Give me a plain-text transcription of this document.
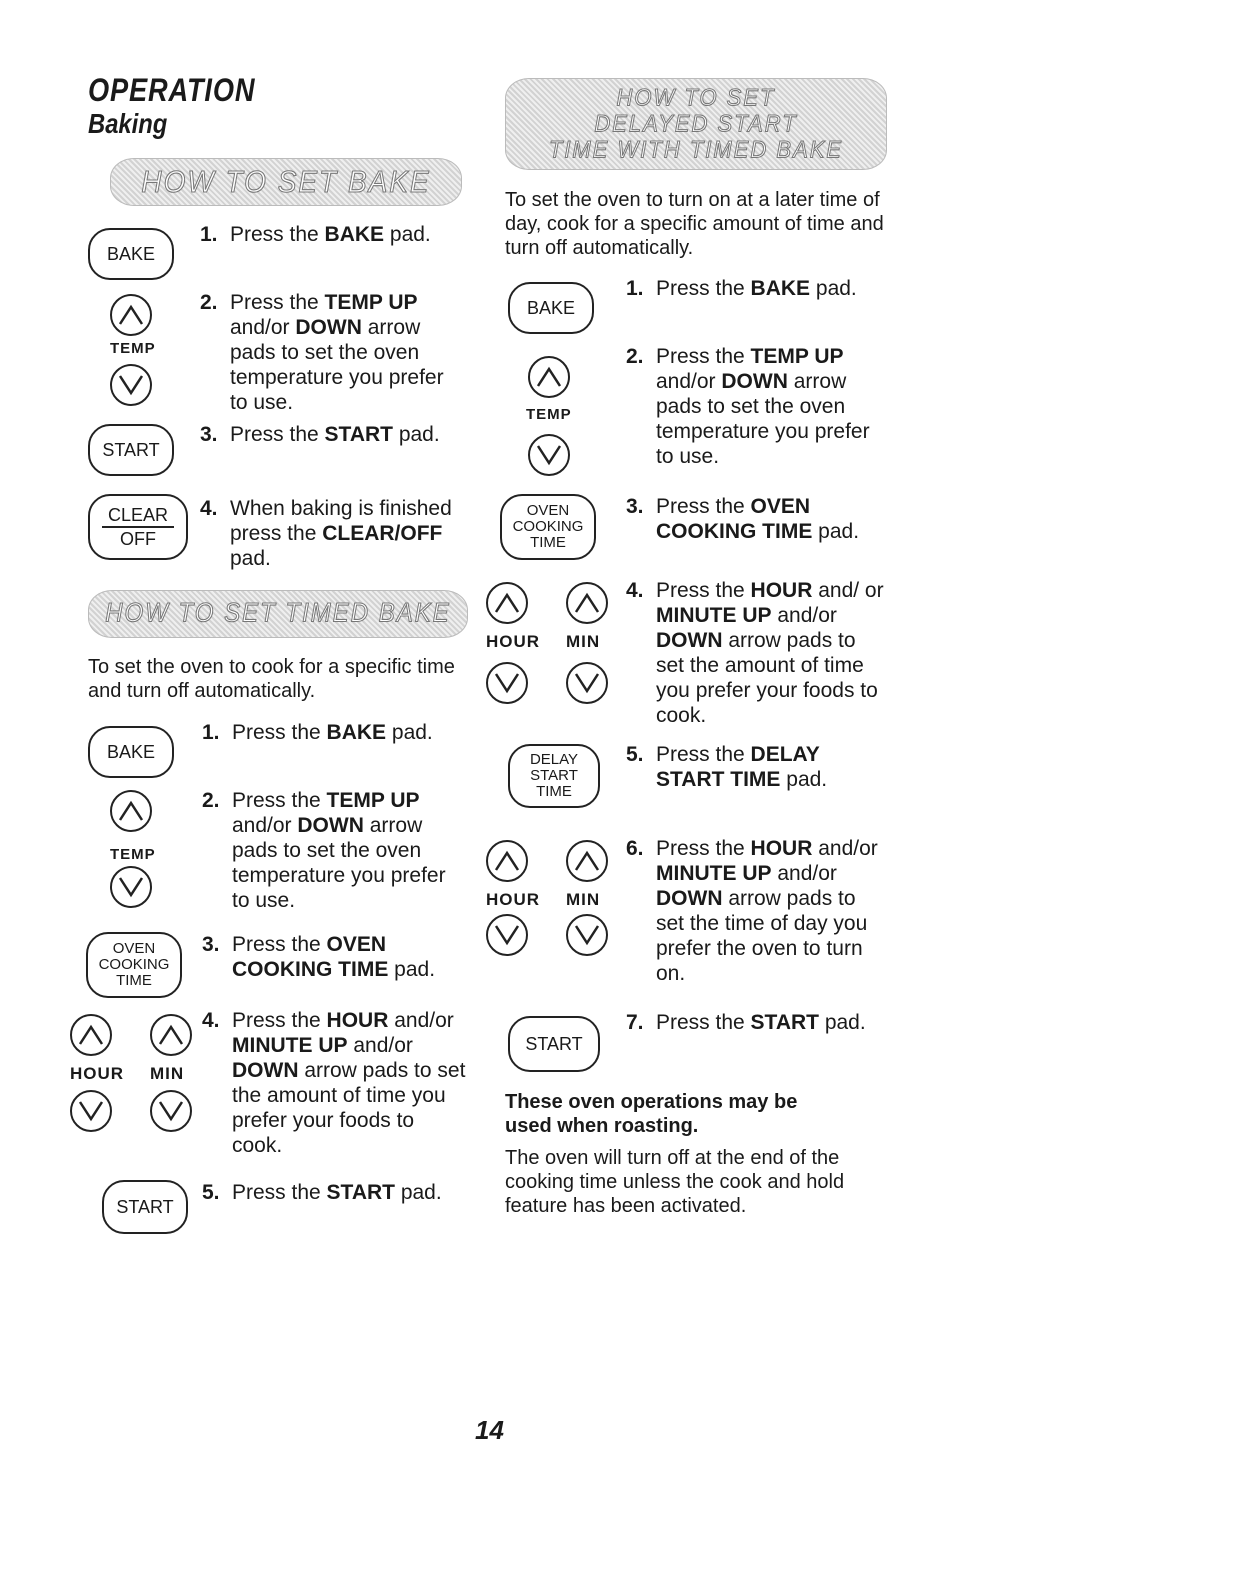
OPERATION
Baking
HOW TO SET BAKE
BAKE
1. Press the BAKE pad.
TEMP
2. Press the TEMP UP and/or DOWN arrow pads to set the oven temperature you prefer to use.
START
3. Press the START pad.
CLEAR
OFF
4. When baking is finished press the CLEAR/OFF pad.
HOW TO SET TIMED BAKE
To set the oven to cook for a specific time and turn off automatically.
BAKE
1. Press the BAKE pad.
TEMP
2. Press the TEMP UP and/or DOWN arrow pads to set the oven temperature you prefer to use.
OVEN
COOKING
TIME
3. Press the OVEN COOKING TIME pad.
HOUR MIN
4. Press the HOUR and/or MINUTE UP and/or DOWN arrow pads to set the amount of time you prefer your foods to cook.
START
5. Press the START pad.
HOW TO SET
DELAYED START
TIME WITH TIMED BAKE
To set the oven to turn on at a later time of day, cook for a specific amount of time and turn off automatically.
BAKE
1. Press the BAKE pad.
TEMP
2. Press the TEMP UP and/or DOWN arrow pads to set the oven temperature you prefer to use.
OVEN
COOKING
TIME
3. Press the OVEN COOKING TIME pad.
HOUR MIN
4. Press the HOUR and/ or MINUTE UP and/or DOWN arrow pads to set the amount of time you prefer your foods to cook.
DELAY
START
TIME
5. Press the DELAY START TIME pad.
HOUR MIN
6. Press the HOUR and/or MINUTE UP and/or DOWN arrow pads to set the time of day you prefer the oven to turn on.
START
7. Press the START pad.
These oven operations may be used when roasting.
The oven will turn off at the end of the cooking time unless the cook and hold feature has been activated.
14
